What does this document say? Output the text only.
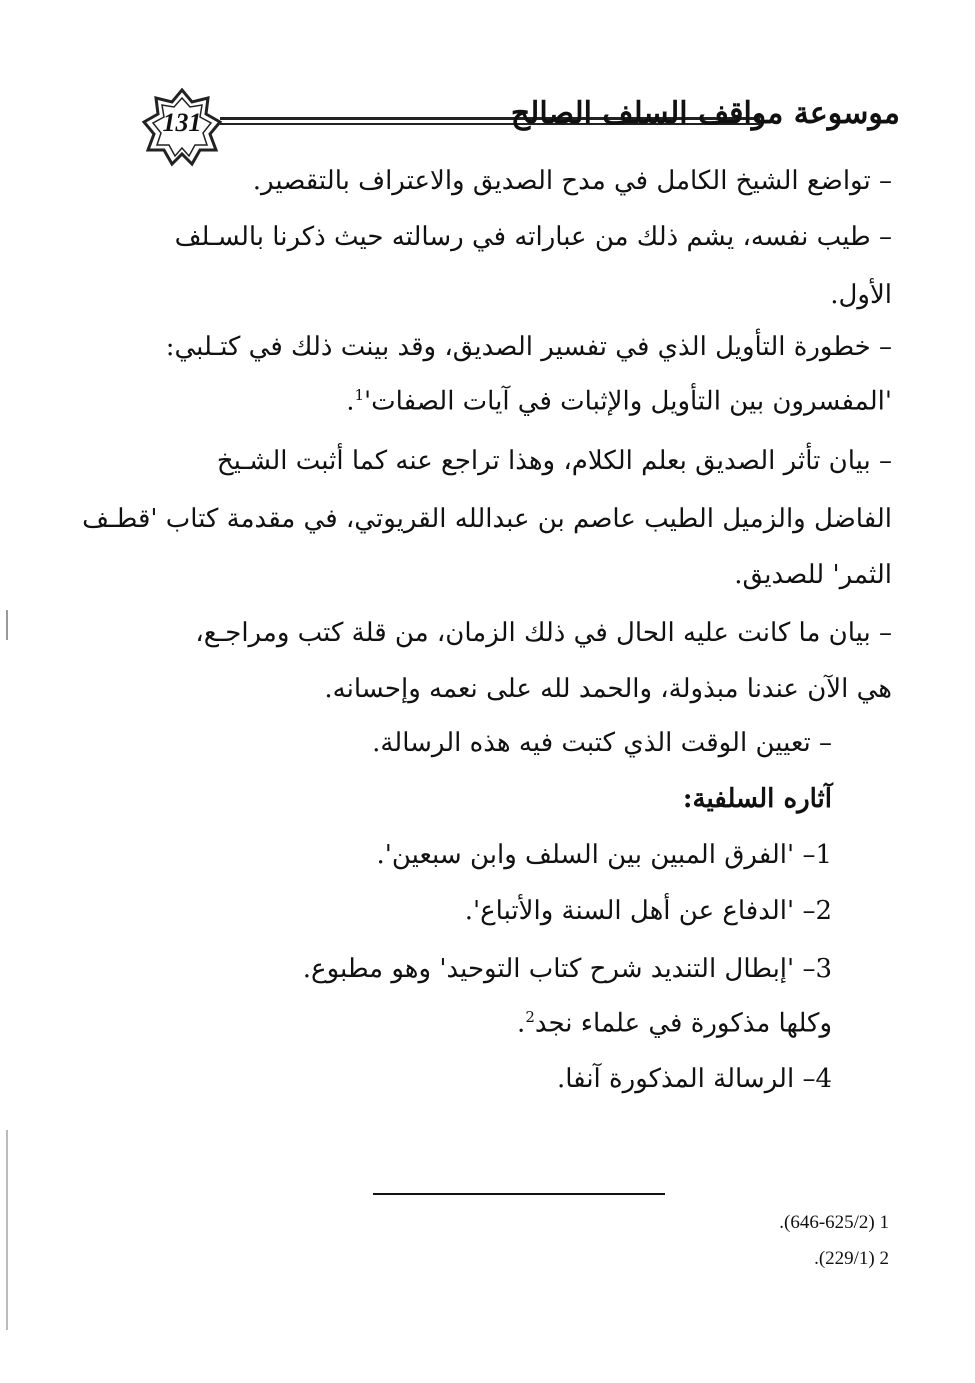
131	موسوعة مواقف السلف الصالح
– تواضع الشيخ الكامل في مدح الصديق والاعتراف بالتقصير.
– طيب نفسه، يشم ذلك من عباراته في رسالته حيث ذكرنا بالسـلف
الأول.
– خطورة التأويل الذي في تفسير الصديق، وقد بينت ذلك في كتـلبي:
'المفسرون بين التأويل والإثبات في آيات $الصفات'^1$.
– بيان تأثر الصديق بعلم الكلام، وهذا تراجع عنه كما أثبت الشـيخ
الفاضل والزميل الطيب عاصم بن عبدالله القريوتي، في مقدمة كتاب 'قطـف
الثمر' للصديق.
– بيان ما كانت عليه الحال في ذلك الزمان، من قلة كتب ومراجـع،
هي الآن عندنا مبذولة، والحمد لله على نعمه وإحسانه.
– تعيين الوقت الذي كتبت فيه هذه الرسالة.
آثاره السلفية:
1– 'الفرق المبين بين السلف وابن سبعين'.
2– 'الدفاع عن أهل السنة والأتباع'.
3– 'إبطال التنديد شرح كتاب التوحيد' وهو مطبوع.
وكلها مذكورة في علماء نجد$^2$.
4– الرسالة المذكورة آنفا.
1 (646-625/2).
2 (229/1).
